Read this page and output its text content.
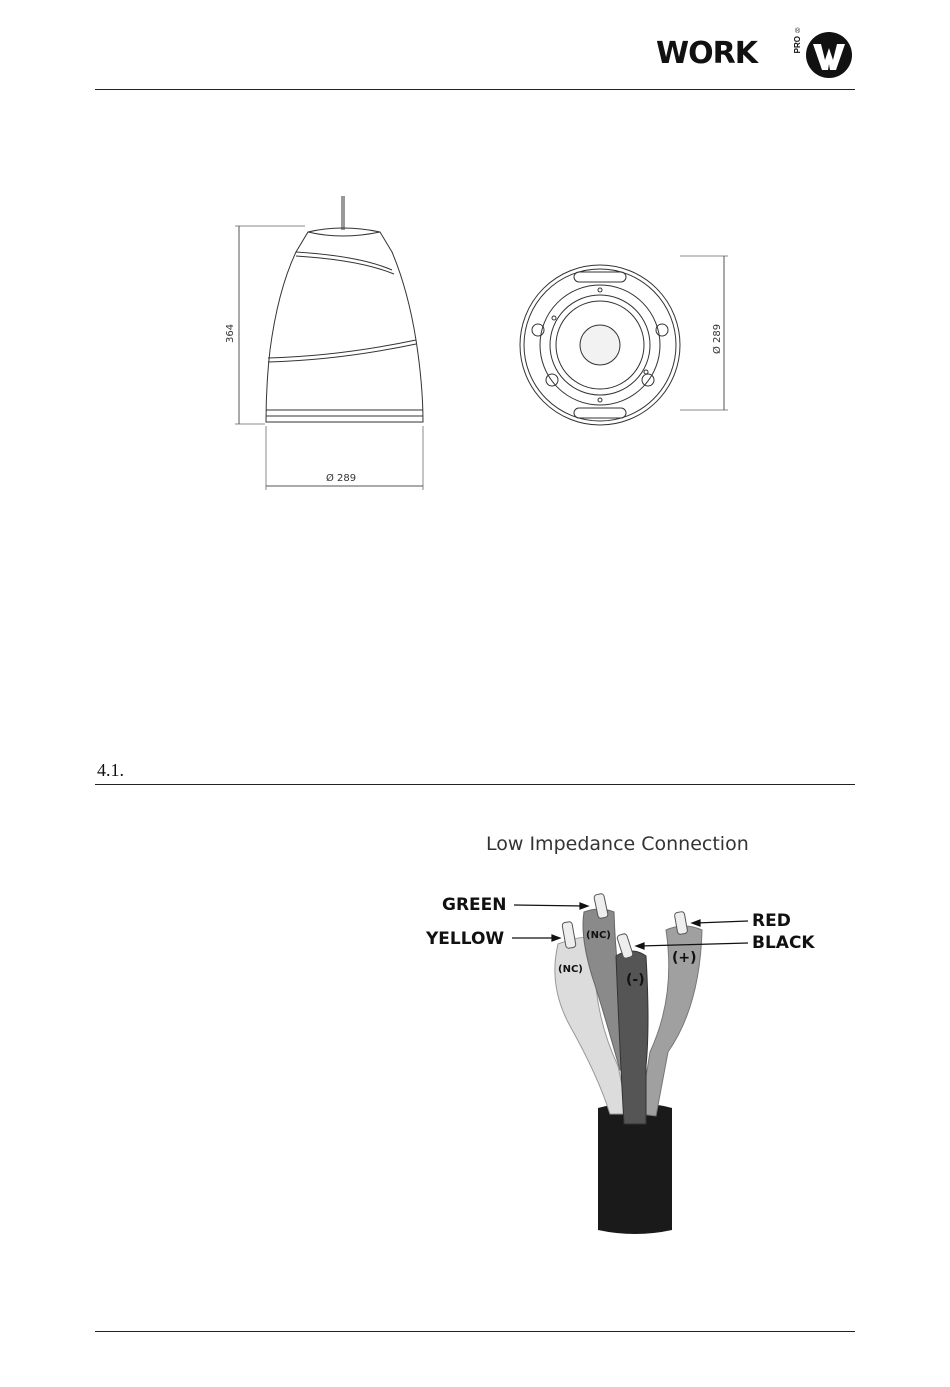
WORK	PRO
®
364
Ø 289
Ø 289
4.1.
Low Impedance Connection
(NC)
(NC)
(-)
(+)
GREEN
YELLOW
RED
BLACK
